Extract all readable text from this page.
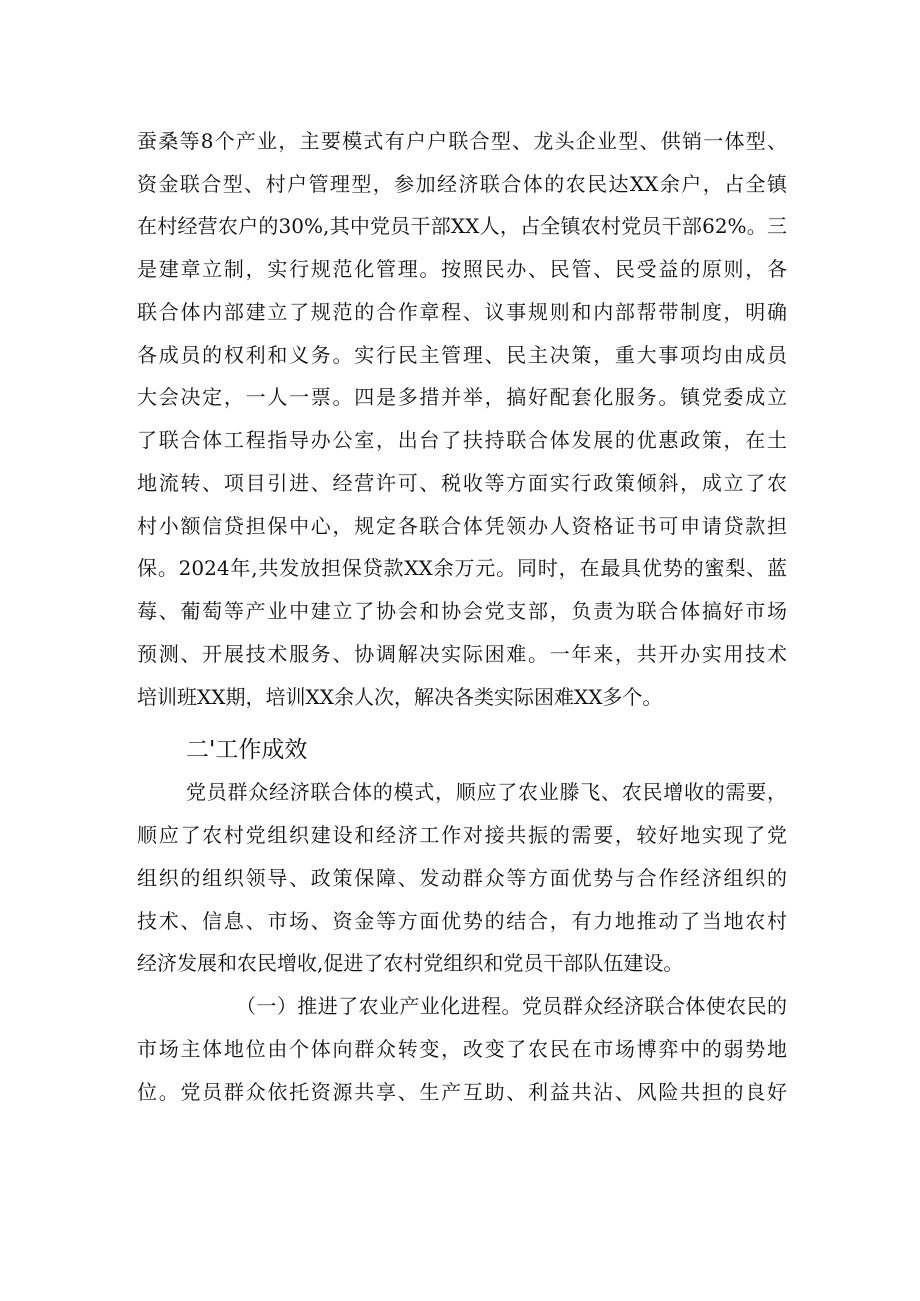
蚕桑等8个产业，主要模式有户户联合型、龙头企业型、供销一体型、
资金联合型、村户管理型，参加经济联合体的农民达XX余户，占全镇
在村经营农户的30%,其中党员干部XX人，占全镇农村党员干部62%。三
是建章立制，实行规范化管理。按照民办、民管、民受益的原则，各
联合体内部建立了规范的合作章程、议事规则和内部帮带制度，明确
各成员的权利和义务。实行民主管理、民主决策，重大事项均由成员
大会决定，一人一票。四是多措并举，搞好配套化服务。镇党委成立
了联合体工程指导办公室，出台了扶持联合体发展的优惠政策，在土
地流转、项目引进、经营许可、税收等方面实行政策倾斜，成立了农
村小额信贷担保中心，规定各联合体凭领办人资格证书可申请贷款担
保。2024年,共发放担保贷款XX余万元。同时，在最具优势的蜜梨、蓝
莓、葡萄等产业中建立了协会和协会党支部，负责为联合体搞好市场
预测、开展技术服务、协调解决实际困难。一年来，共开办实用技术
培训班XX期，培训XX余人次，解决各类实际困难XX多个。
二'工作成效
党员群众经济联合体的模式，顺应了农业滕飞、农民增收的需要，
顺应了农村党组织建设和经济工作对接共振的需要，较好地实现了党
组织的组织领导、政策保障、发动群众等方面优势与合作经济组织的
技术、信息、市场、资金等方面优势的结合，有力地推动了当地农村
经济发展和农民增收,促进了农村党组织和党员干部队伍建设。
（一）推进了农业产业化进程。党员群众经济联合体使农民的
市场主体地位由个体向群众转变，改变了农民在市场博弈中的弱势地
位。党员群众依托资源共享、生产互助、利益共沾、风险共担的良好
